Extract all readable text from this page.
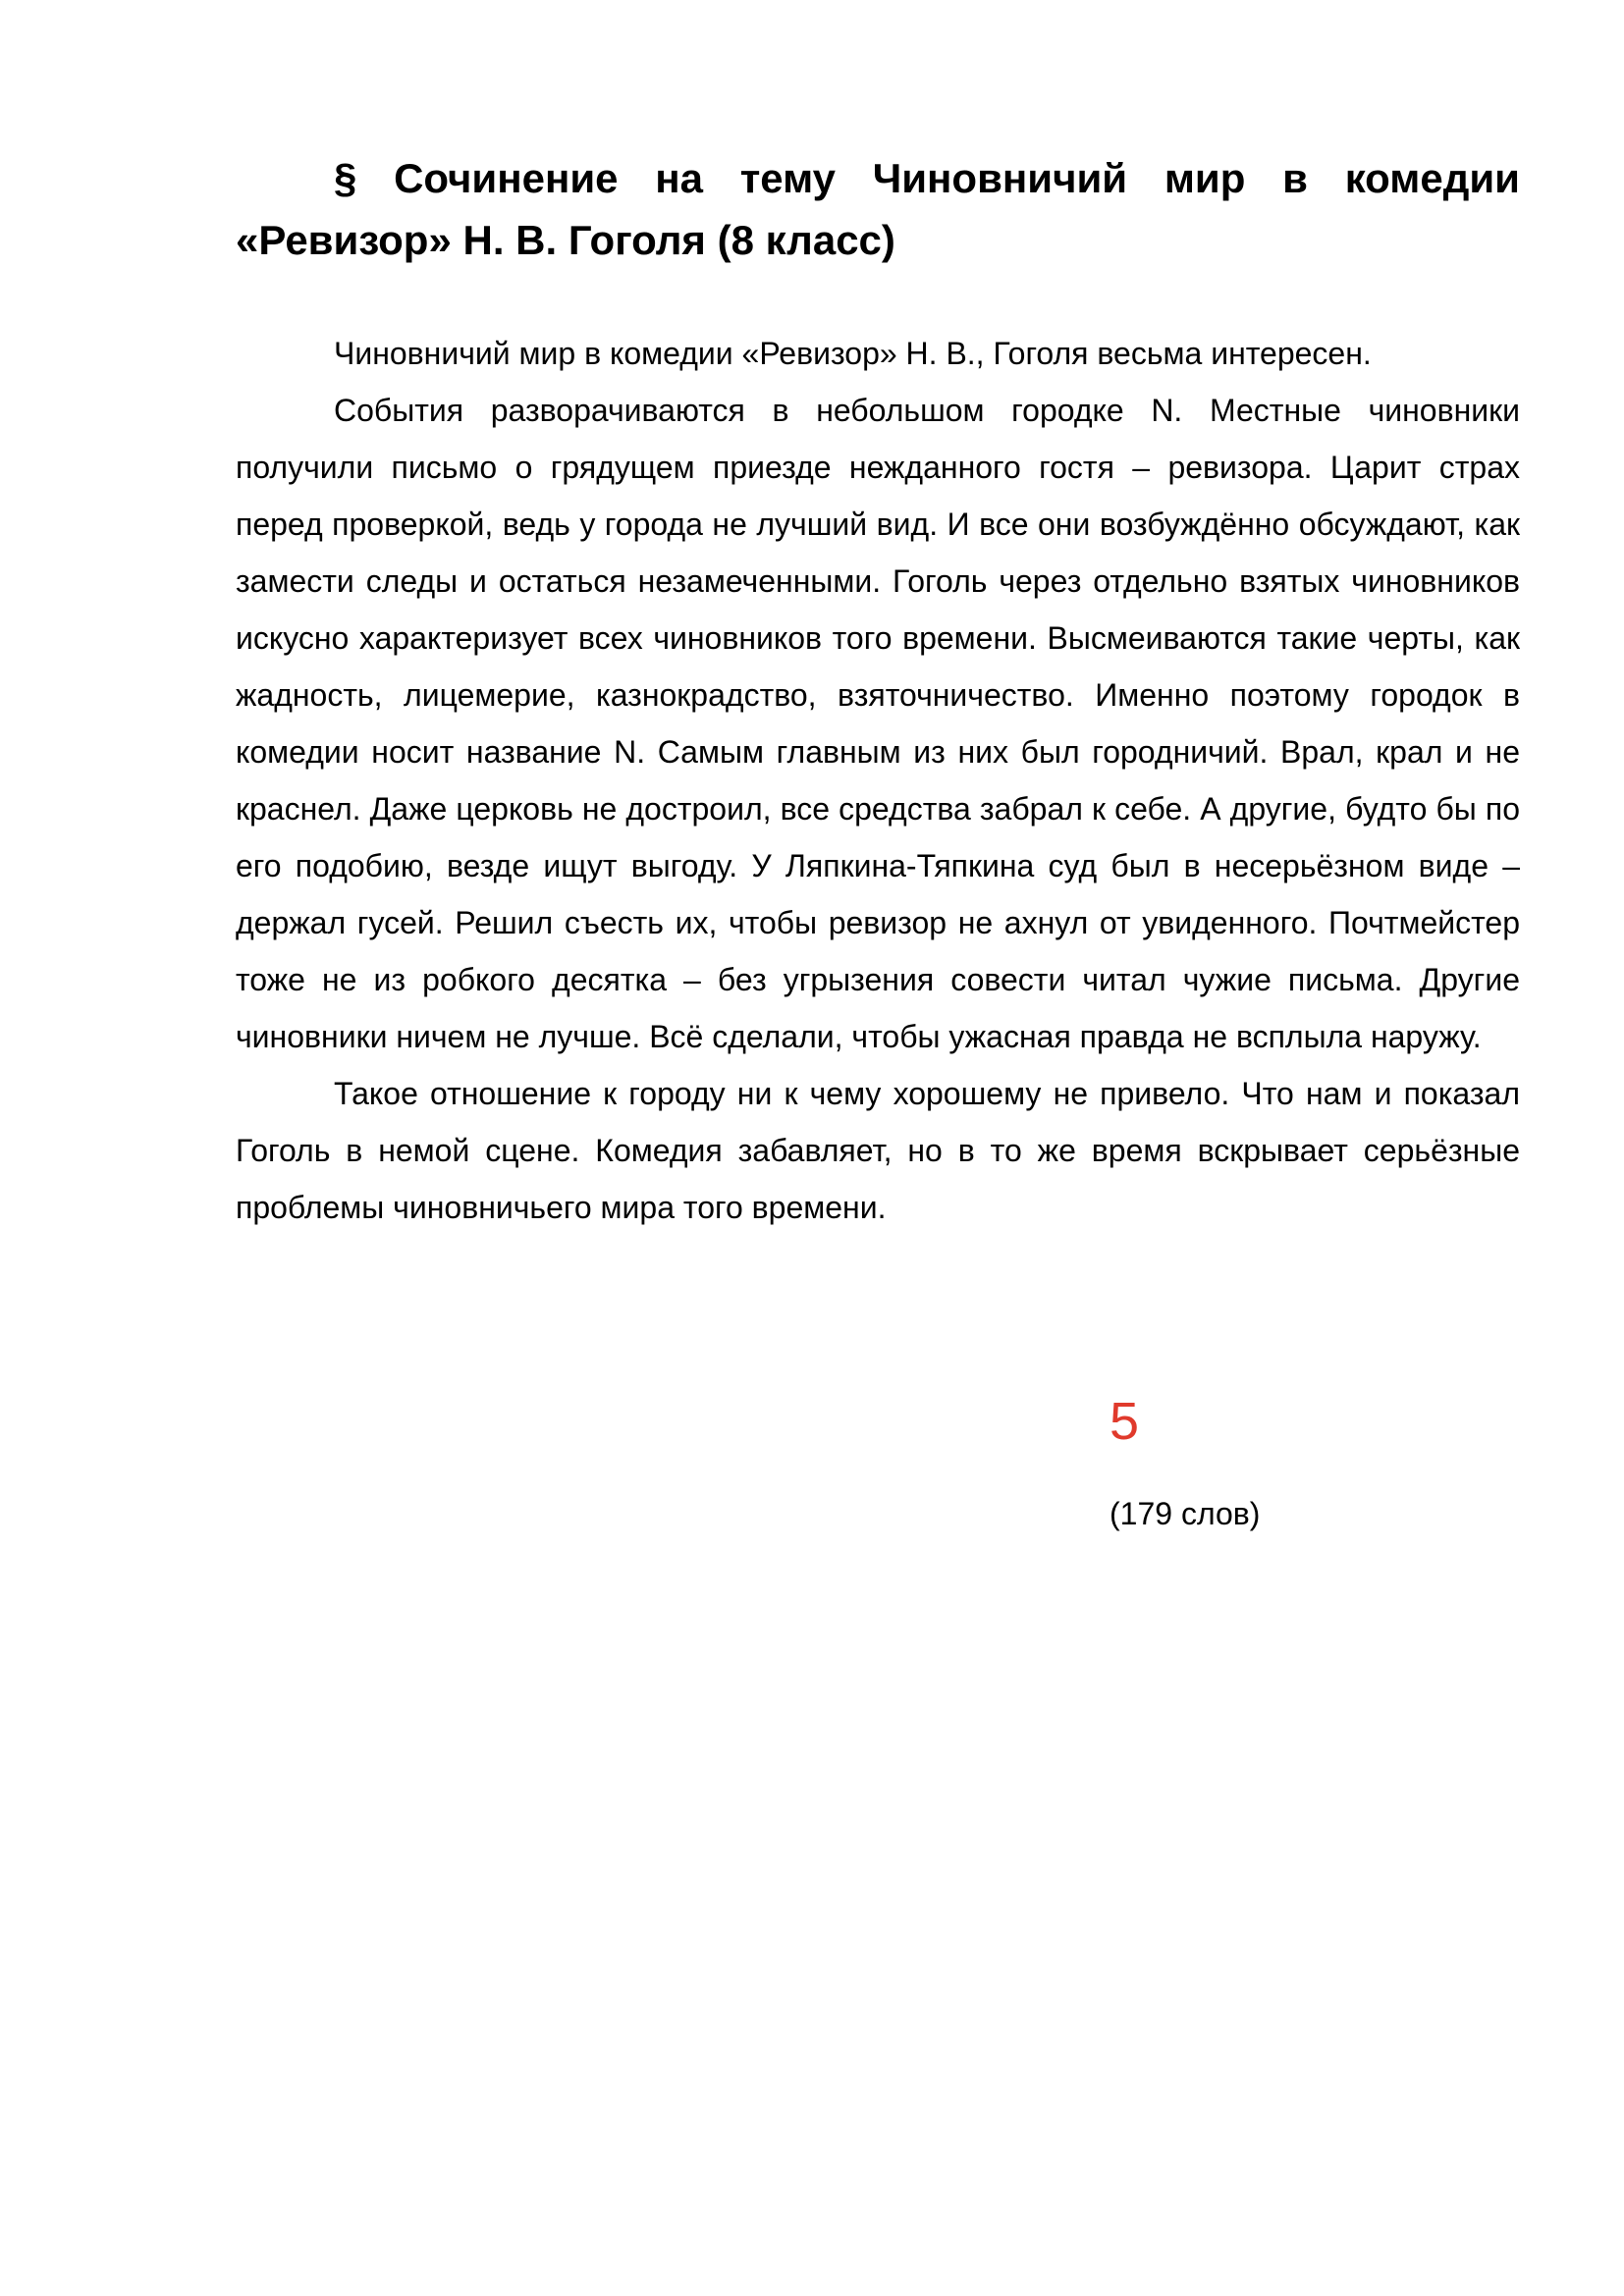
§ Сочинение на тему Чиновничий мир в комедии «Ревизор» Н. В. Гоголя (8 класс)

Чиновничий мир в комедии «Ревизор» Н. В., Гоголя весьма интересен.

События разворачиваются в небольшом городке N. Местные чиновники получили письмо о грядущем приезде нежданного гостя – ревизора. Царит страх перед проверкой, ведь у города не лучший вид. И все они возбуждённо обсуждают, как замести следы и остаться незамеченными. Гоголь через отдельно взятых чиновников искусно характеризует всех чиновников того времени. Высмеиваются такие черты, как жадность, лицемерие, казнокрадство, взяточничество. Именно поэтому городок в комедии носит название N. Самым главным из них был городничий. Врал, крал и не краснел. Даже церковь не достроил, все средства забрал к себе. А другие, будто бы по его подобию, везде ищут выгоду. У Ляпкина-Тяпкина суд был в несерьёзном виде – держал гусей. Решил съесть их, чтобы ревизор не ахнул от увиденного. Почтмейстер тоже не из робкого десятка – без угрызения совести читал чужие письма. Другие чиновники ничем не лучше. Всё сделали, чтобы ужасная правда не всплыла наружу.

Такое отношение к городу ни к чему хорошему не привело. Что нам и показал Гоголь в немой сцене. Комедия забавляет, но в то же время вскрывает серьёзные проблемы чиновничьего мира того времени.

5
(179 слов)
